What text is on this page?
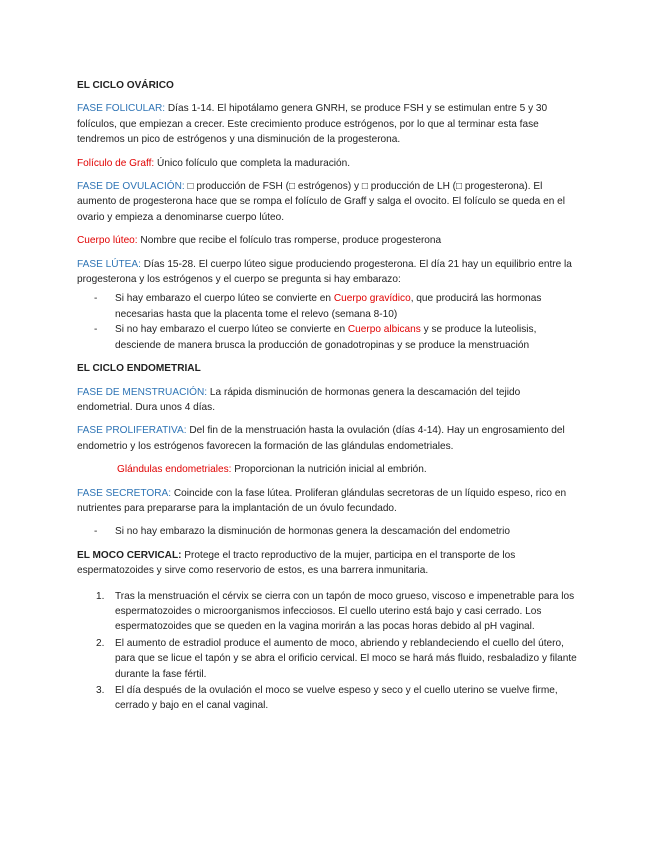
EL CICLO OVÁRICO

FASE FOLICULAR: Días 1-14. El hipotálamo genera GNRH, se produce FSH y se estimulan entre 5 y 30 folículos, que empiezan a crecer. Este crecimiento produce estrógenos, por lo que al terminar esta fase tendremos un pico de estrógenos y una disminución de la progesterona.

Folículo de Graff: Único folículo que completa la maduración.

FASE DE OVULACIÓN: □ producción de FSH (□ estrógenos) y □ producción de LH (□ progesterona). El aumento de progesterona hace que se rompa el folículo de Graff y salga el ovocito. El folículo se queda en el ovario y empieza a denominarse cuerpo lúteo.

Cuerpo lúteo: Nombre que recibe el folículo tras romperse, produce progesterona

FASE LÚTEA: Días 15-28. El cuerpo lúteo sigue produciendo progesterona. El día 21 hay un equilibrio entre la progesterona y los estrógenos y el cuerpo se pregunta si hay embarazo:

- Si hay embarazo el cuerpo lúteo se convierte en Cuerpo gravídico, que producirá las hormonas necesarias hasta que la placenta tome el relevo (semana 8-10)
- Si no hay embarazo el cuerpo lúteo se convierte en Cuerpo albicans y se produce la luteolisis, desciende de manera brusca la producción de gonadotropinas y se produce la menstruación

EL CICLO ENDOMETRIAL

FASE DE MENSTRUACIÓN: La rápida disminución de hormonas genera la descamación del tejido endometrial. Dura unos 4 días.

FASE PROLIFERATIVA: Del fin de la menstruación hasta la ovulación (días 4-14). Hay un engrosamiento del endometrio y los estrógenos favorecen la formación de las glándulas endometriales.

Glándulas endometriales: Proporcionan la nutrición inicial al embrión.

FASE SECRETORA: Coincide con la fase lútea. Proliferan glándulas secretoras de un líquido espeso, rico en nutrientes para prepararse para la implantación de un óvulo fecundado.

- Si no hay embarazo la disminución de hormonas genera la descamación del endometrio

EL MOCO CERVICAL: Protege el tracto reproductivo de la mujer, participa en el transporte de los espermatozoides y sirve como reservorio de estos, es una barrera inmunitaria.

1. Tras la menstruación el cérvix se cierra con un tapón de moco grueso, viscoso e impenetrable para los espermatozoides o microorganismos infecciosos. El cuello uterino está bajo y casi cerrado. Los espermatozoides que se queden en la vagina morirán a las pocas horas debido al pH vaginal.
2. El aumento de estradiol produce el aumento de moco, abriendo y reblandeciendo el cuello del útero, para que se licue el tapón y se abra el orificio cervical. El moco se hará más fluido, resbaladizo y filante durante la fase fértil.
3. El día después de la ovulación el moco se vuelve espeso y seco y el cuello uterino se vuelve firme, cerrado y bajo en el canal vaginal.
